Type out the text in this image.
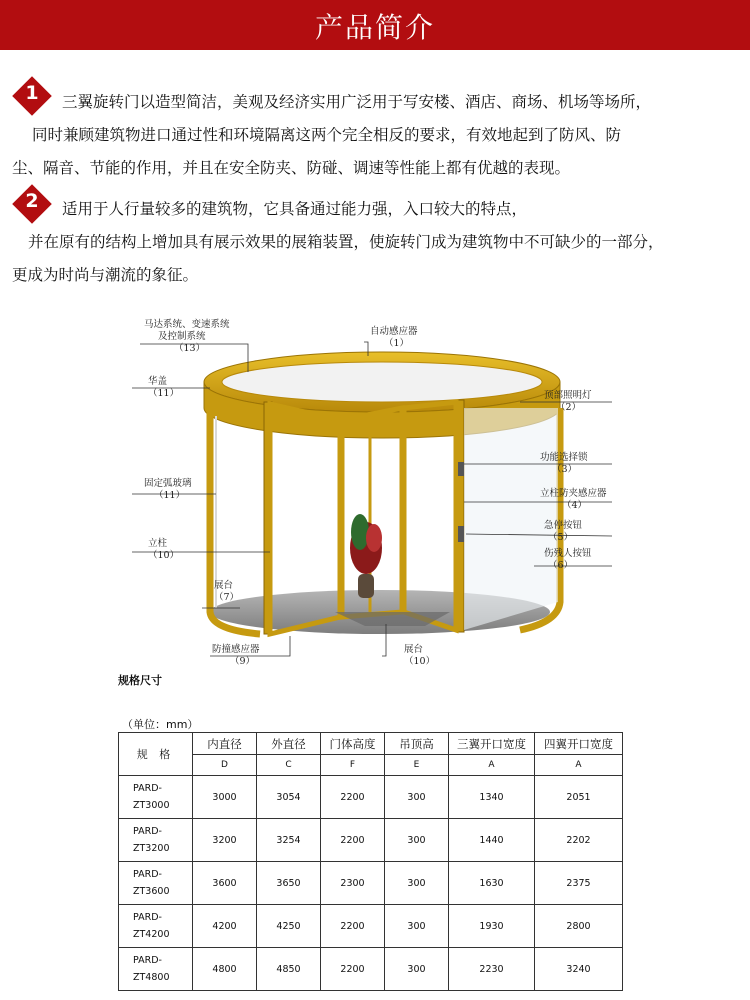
产品简介
1	三翼旋转门以造型简洁，美观及经济实用广泛用于写安楼、酒店、商场、机场等场所，
同时兼顾建筑物进口通过性和环境隔离这两个完全相反的要求，有效地起到了防风、防
尘、隔音、节能的作用，并且在安全防夹、防碰、调速等性能上都有优越的表现。
2	适用于人行量较多的建筑物，它具备通过能力强，入口较大的特点，
并在原有的结构上增加具有展示效果的展箱装置，使旋转门成为建筑物中不可缺少的一部分，
更成为时尚与潮流的象征。
马达系统、变速系统
及控制系统
（13）
自动感应器
（1）
华盖
（11）	顶部照明灯
（2）
功能选择锁
（3）
固定弧玻璃
（11）	立柱防夹感应器
（4）
急停按钮
（5）
立柱
（10）	伤残人按钮
（6）
展台
（7）
防撞感应器
（9）
展台
（10）
规格尺寸
（单位：mm）
规 格	内直径	外直径	门体高度	吊顶高	三翼开口宽度	四翼开口宽度
	D	C	F	E	A	A

PARD-
ZT3000	3000	3054	2200	300	1340	2051

PARD-
ZT3200	3200	3254	2200	300	1440	2202

PARD-
ZT3600	3600	3650	2300	300	1630	2375

PARD-
ZT4200	4200	4250	2200	300	1930	2800

PARD-
ZT4800	4800	4850	2200	300	2230	3240
